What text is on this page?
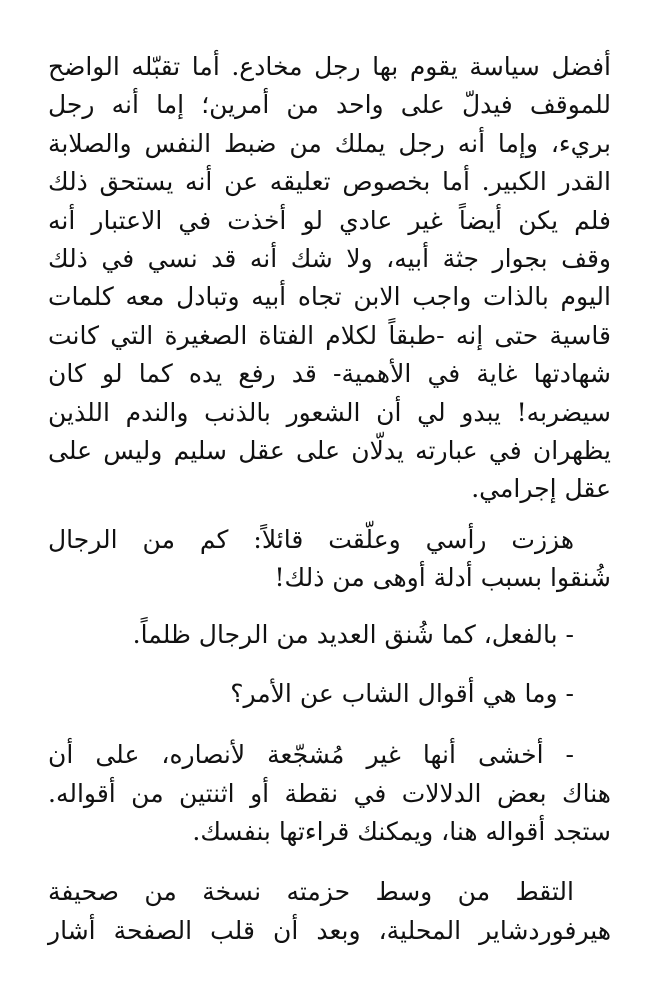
أفضل سياسة يقوم بها رجل مخادع. أما تقبّله الواضح
للموقف فيدلّ على واحد من أمرين؛ إما أنه رجل
بريء، وإما أنه رجل يملك من ضبط النفس والصلابة
القدر الكبير. أما بخصوص تعليقه عن أنه يستحق ذلك
فلم يكن أيضاً غير عادي لو أخذت في الاعتبار أنه
وقف بجوار جثة أبيه، ولا شك أنه قد نسي في ذلك
اليوم بالذات واجب الابن تجاه أبيه وتبادل معه كلمات
قاسية حتى إنه -طبقاً لكلام الفتاة الصغيرة التي كانت
شهادتها غاية في الأهمية- قد رفع يده كما لو كان
سيضربه! يبدو لي أن الشعور بالذنب والندم اللذين
يظهران في عبارته يدلّان على عقل سليم وليس على
عقل إجرامي.
هززت رأسي وعلّقت قائلاً: كم من الرجال
شُنقوا بسبب أدلة أوهى من ذلك!
- بالفعل، كما شُنق العديد من الرجال ظلماً.
- وما هي أقوال الشاب عن الأمر؟
- أخشى أنها غير مُشجّعة لأنصاره، على أن
هناك بعض الدلالات في نقطة أو اثنتين من أقواله.
ستجد أقواله هنا، ويمكنك قراءتها بنفسك.
التقط من وسط حزمته نسخة من صحيفة
هيرفوردشاير المحلية، وبعد أن قلب الصفحة أشار
